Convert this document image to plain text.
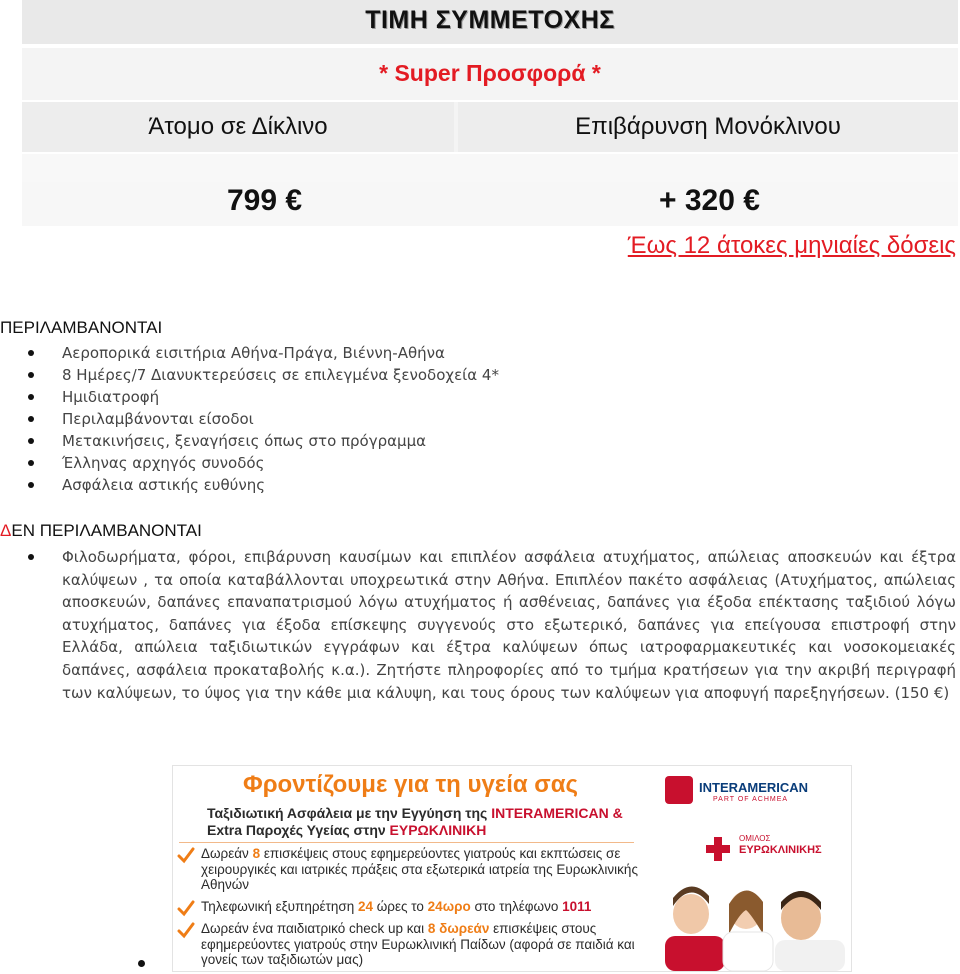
ΤΙΜΗ ΣΥΜΜΕΤΟΧΗΣ
* Super Προσφορά *
Άτομο σε Δίκλινο	Επιβάρυνση Μονόκλινου
799 €	+ 320 €
Έως 12 άτοκες μηνιαίες δόσεις
ΠΕΡΙΛΑΜΒΑΝΟΝΤΑΙ
Αεροπορικά εισιτήρια Αθήνα-Πράγα, Βιέννη-Αθήνα
8 Ημέρες/7 Διανυκτερεύσεις σε επιλεγμένα ξενοδοχεία 4*
Ημιδιατροφή
Περιλαμβάνονται είσοδοι
Μετακινήσεις, ξεναγήσεις όπως στο πρόγραμμα
Έλληνας αρχηγός συνοδός
Ασφάλεια αστικής ευθύνης
ΔΕΝ ΠΕΡΙΛΑΜΒΑΝΟΝΤΑΙ
Φιλοδωρήματα, φόροι, επιβάρυνση καυσίμων και επιπλέον ασφάλεια ατυχήματος, απώλειας αποσκευών και έξτρα καλύψεων , τα οποία καταβάλλονται υποχρεωτικά στην Αθήνα. Επιπλέον πακέτο ασφάλειας (Ατυχήματος, απώλειας αποσκευών, δαπάνες επαναπατρισμού λόγω ατυχήματος ή ασθένειας, δαπάνες για έξοδα επέκτασης ταξιδιού λόγω ατυχήματος, δαπάνες για έξοδα επίσκεψης συγγενούς στο εξωτερικό, δαπάνες για επείγουσα επιστροφή στην Ελλάδα, απώλεια ταξιδιωτικών εγγράφων και έξτρα καλύψεων όπως ιατροφαρμακευτικές και νοσοκομειακές δαπάνες, ασφάλεια προκαταβολής κ.α.). Ζητήστε πληροφορίες από το τμήμα κρατήσεων για την ακριβή περιγραφή των καλύψεων, το ύψος για την κάθε μια κάλυψη, και τους όρους των καλύψεων για αποφυγή παρεξηγήσεων. (150 €)
Φροντίζουμε για τη υγεία σας
Ταξιδιωτική Ασφάλεια με την Εγγύηση της INTERAMERICAN &
Extra Παροχές Υγείας στην ΕΥΡΩΚΛΙΝΙΚΗ
Δωρεάν 8 επισκέψεις στους εφημερεύοντες γιατρούς και εκπτώσεις σε χειρουργικές και ιατρικές πράξεις στα εξωτερικά ιατρεία της Ευρωκλινικής Αθηνών
Τηλεφωνική εξυπηρέτηση 24 ώρες το 24ωρο στο τηλέφωνο 1011
Δωρεάν ένα παιδιατρικό check up και 8 δωρεάν επισκέψεις στους εφημερεύοντες γιατρούς στην Ευρωκλινική Παίδων (αφορά σε παιδιά και γονείς των ταξιδιωτών μας)
INTERAMERICAN
PART OF ACHMEA
ΟΜΙΛΟΣ
ΕΥΡΩΚΛΙΝΙΚΗΣ
